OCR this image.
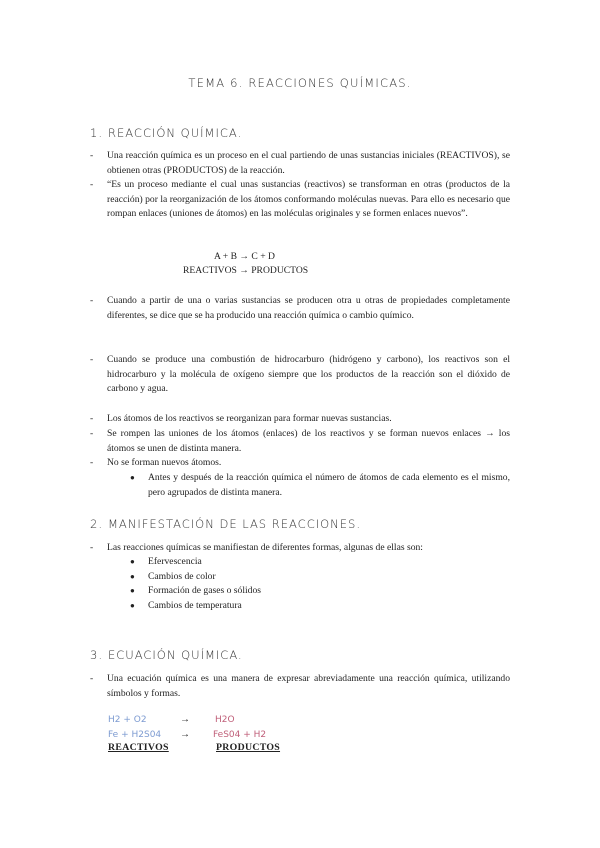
TEMA 6. REACCIONES QUÍMICAS.
1. REACCIÓN QUÍMICA.
- Una reacción química es un proceso en el cual partiendo de unas sustancias iniciales (REACTIVOS), se obtienen otras (PRODUCTOS) de la reacción.
- “Es un proceso mediante el cual unas sustancias (reactivos) se transforman en otras (productos de la reacción) por la reorganización de los átomos conformando moléculas nuevas. Para ello es necesario que rompan enlaces (uniones de átomos) en las moléculas originales y se formen enlaces nuevos”.
A + B → C + D
REACTIVOS → PRODUCTOS
- Cuando a partir de una o varias sustancias se producen otra u otras de propiedades completamente diferentes, se dice que se ha producido una reacción química o cambio químico.
- Cuando se produce una combustión de hidrocarburo (hidrógeno y carbono), los reactivos son el hidrocarburo y la molécula de oxígeno siempre que los productos de la reacción son el dióxido de carbono y agua.
- Los átomos de los reactivos se reorganizan para formar nuevas sustancias.
- Se rompen las uniones de los átomos (enlaces) de los reactivos y se forman nuevos enlaces → los átomos se unen de distinta manera.
- No se forman nuevos átomos.
● Antes y después de la reacción química el número de átomos de cada elemento es el mismo, pero agrupados de distinta manera.
2. MANIFESTACIÓN DE LAS REACCIONES.
- Las reacciones químicas se manifiestan de diferentes formas, algunas de ellas son:
● Efervescencia
● Cambios de color
● Formación de gases o sólidos
● Cambios de temperatura
3. ECUACIÓN QUÍMICA.
- Una ecuación química es una manera de expresar abreviadamente una reacción química, utilizando símbolos y formas.
H2 + O2	→	H2O
Fe + H2S04 →	FeS04 + H2
REACTIVOS	PRODUCTOS
